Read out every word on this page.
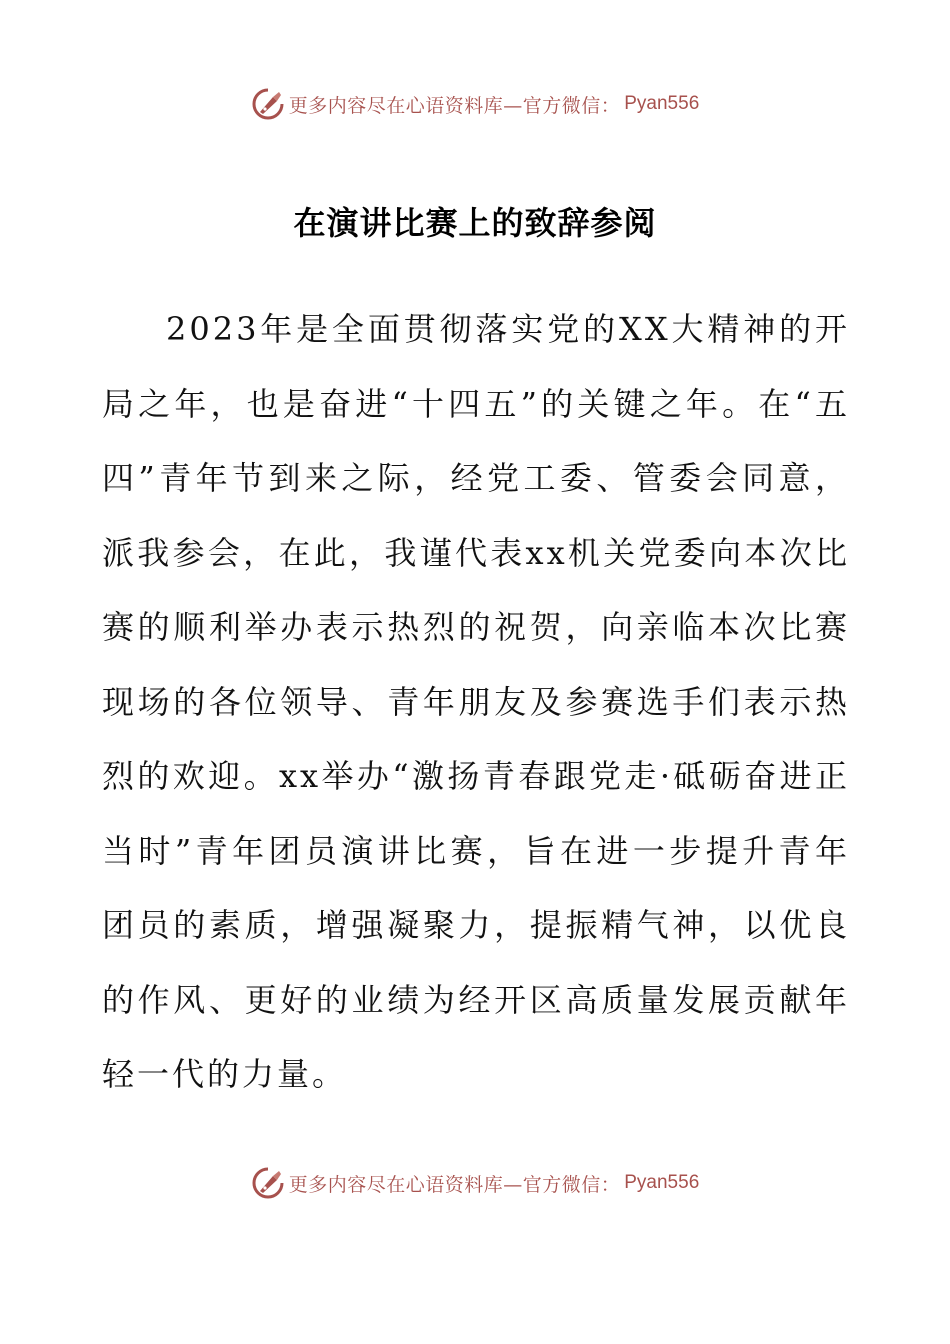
更多内容尽在心语资料库—官方微信： Pyan556
在演讲比赛上的致辞参阅

2023年是全面贯彻落实党的XX大精神的开局之年，也是奋进“十四五”的关键之年。在“五四”青年节到来之际，经党工委、管委会同意，派我参会，在此，我谨代表xx机关党委向本次比赛的顺利举办表示热烈的祝贺，向亲临本次比赛现场的各位领导、青年朋友及参赛选手们表示热烈的欢迎。xx举办“激扬青春跟党走·砥砺奋进正当时”青年团员演讲比赛，旨在进一步提升青年团员的素质，增强凝聚力，提振精气神，以优良的作风、更好的业绩为经开区高质量发展贡献年轻一代的力量。

更多内容尽在心语资料库—官方微信： Pyan556
